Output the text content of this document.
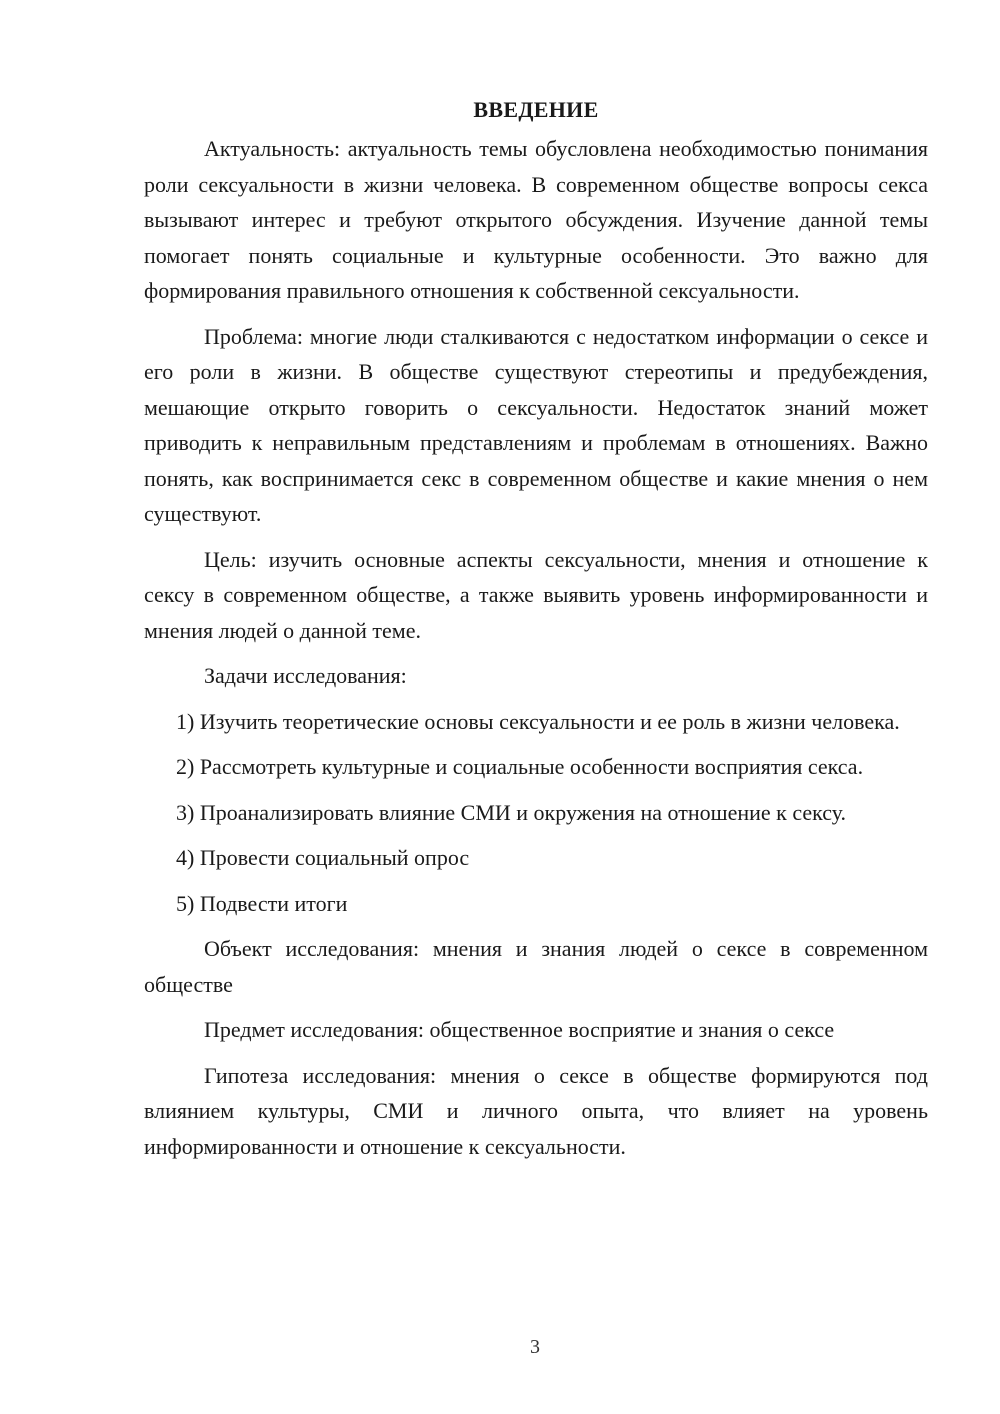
ВВЕДЕНИЕ

Актуальность: актуальность темы обусловлена необходимостью понимания роли сексуальности в жизни человека. В современном обществе вопросы секса вызывают интерес и требуют открытого обсуждения. Изучение данной темы помогает понять социальные и культурные особенности. Это важно для формирования правильного отношения к собственной сексуальности.

Проблема: многие люди сталкиваются с недостатком информации о сексе и его роли в жизни. В обществе существуют стереотипы и предубеждения, мешающие открыто говорить о сексуальности. Недостаток знаний может приводить к неправильным представлениям и проблемам в отношениях. Важно понять, как воспринимается секс в современном обществе и какие мнения о нем существуют.

Цель: изучить основные аспекты сексуальности, мнения и отношение к сексу в современном обществе, а также выявить уровень информированности и мнения людей о данной теме.

Задачи исследования:

1) Изучить теоретические основы сексуальности и ее роль в жизни человека.

2) Рассмотреть культурные и социальные особенности восприятия секса.

3) Проанализировать влияние СМИ и окружения на отношение к сексу.

4) Провести социальный опрос

5) Подвести итоги

Объект исследования: мнения и знания людей о сексе в современном обществе

Предмет исследования: общественное восприятие и знания о сексе

Гипотеза исследования: мнения о сексе в обществе формируются под влиянием культуры, СМИ и личного опыта, что влияет на уровень информированности и отношение к сексуальности.

3
